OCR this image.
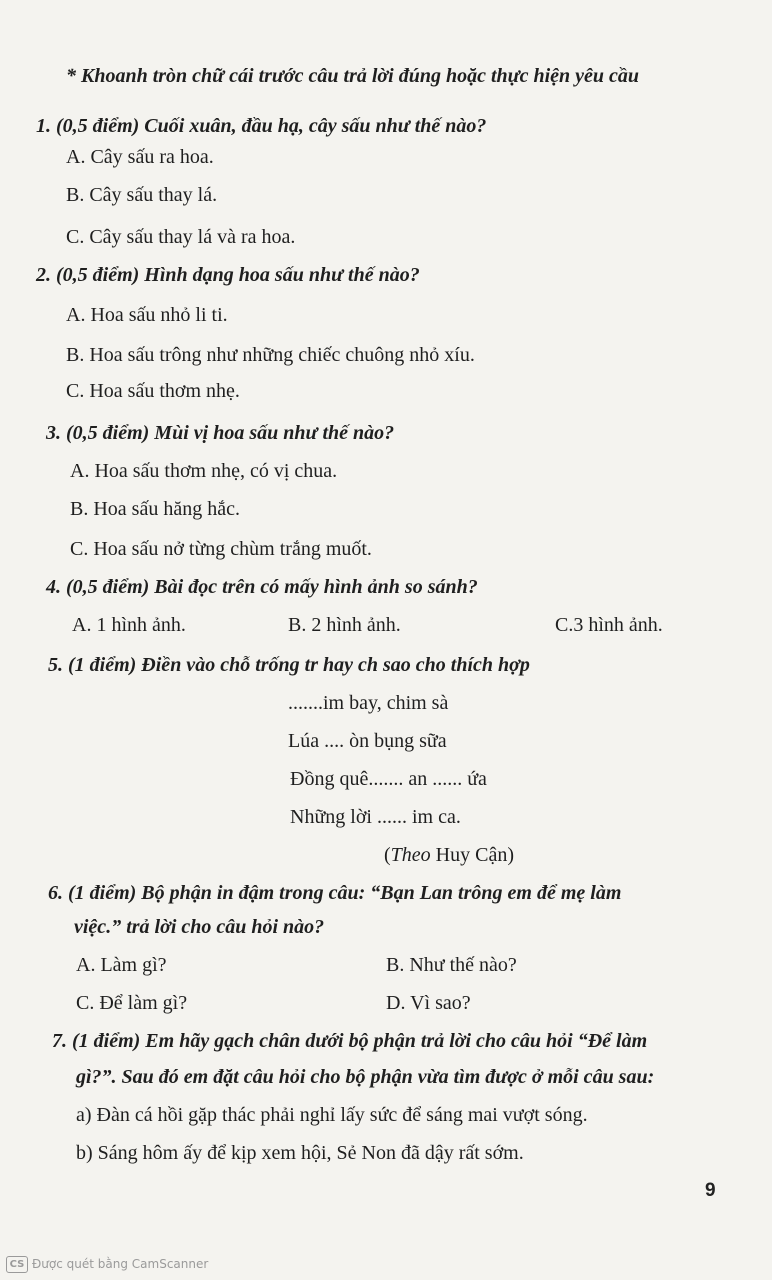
* Khoanh tròn chữ cái trước câu trả lời đúng hoặc thực hiện yêu cầu
1. (0,5 điểm) Cuối xuân, đầu hạ, cây sấu như thế nào?
A. Cây sấu ra hoa.
B. Cây sấu thay lá.
C. Cây sấu thay lá và ra hoa.
2. (0,5 điểm) Hình dạng hoa sấu như thế nào?
A. Hoa sấu nhỏ li ti.
B. Hoa sấu trông như những chiếc chuông nhỏ xíu.
C. Hoa sấu thơm nhẹ.
3. (0,5 điểm) Mùi vị hoa sấu như thế nào?
A. Hoa sấu thơm nhẹ, có vị chua.
B. Hoa sấu hăng hắc.
C. Hoa sấu nở từng chùm trắng muốt.
4. (0,5 điểm) Bài đọc trên có mấy hình ảnh so sánh?
A. 1 hình ảnh.	B. 2 hình ảnh.	C.3 hình ảnh.
5. (1 điểm) Điền vào chỗ trống tr hay ch sao cho thích hợp
.......im bay, chim sà
Lúa .... òn bụng sữa
Đồng quê....... an ...... ứa
Những lời ...... im ca.
(Theo Huy Cận)
6. (1 điểm) Bộ phận in đậm trong câu: “Bạn Lan trông em để mẹ làm
việc.” trả lời cho câu hỏi nào?
A. Làm gì?	B. Như thế nào?
C. Để làm gì?	D. Vì sao?
7. (1 điểm) Em hãy gạch chân dưới bộ phận trả lời cho câu hỏi “Để làm
gì?”. Sau đó em đặt câu hỏi cho bộ phận vừa tìm được ở mỗi câu sau:
a) Đàn cá hồi gặp thác phải nghỉ lấy sức để sáng mai vượt sóng.
b) Sáng hôm ấy để kịp xem hội, Sẻ Non đã dậy rất sớm.
9
CS Được quét bằng CamScanner
